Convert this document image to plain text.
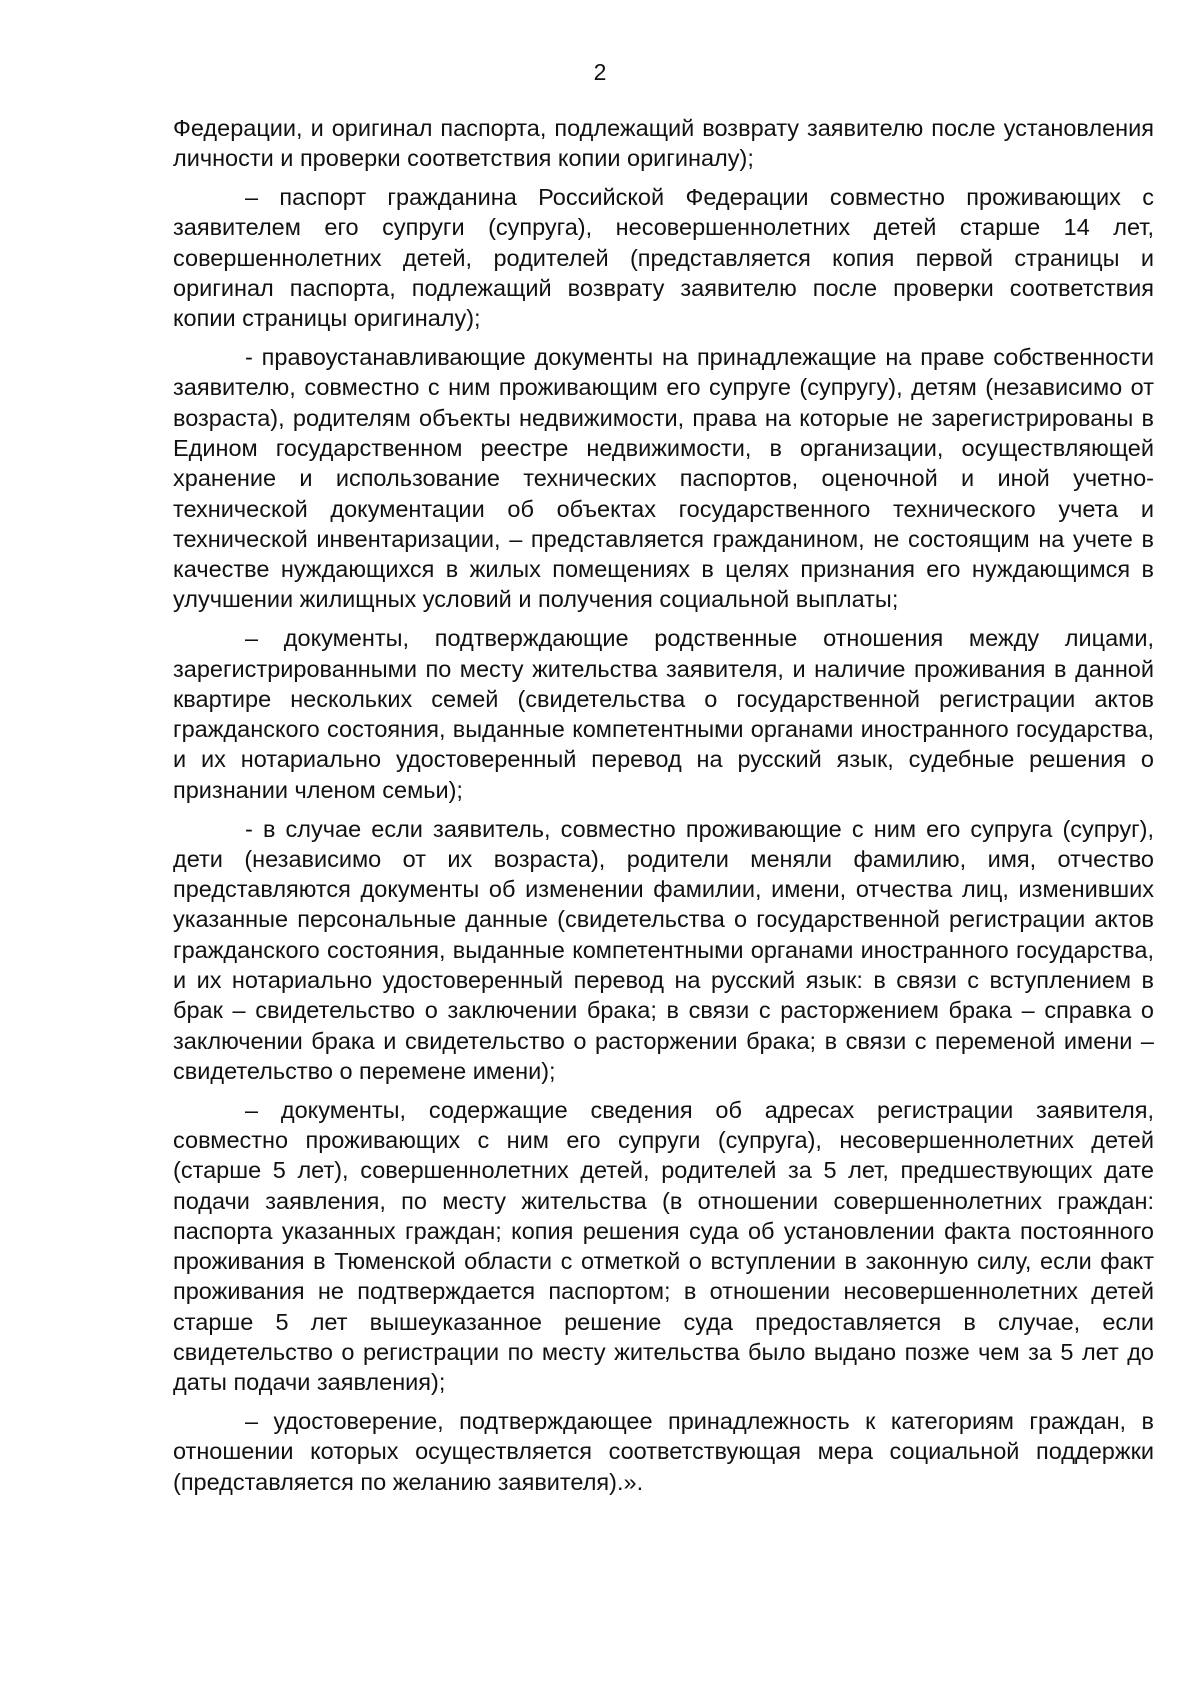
2

Федерации, и оригинал паспорта, подлежащий возврату заявителю после установления личности и проверки соответствия копии оригиналу);

– паспорт гражданина Российской Федерации совместно проживающих с заявителем его супруги (супруга), несовершеннолетних детей старше 14 лет, совершеннолетних детей, родителей (представляется копия первой страницы и оригинал паспорта, подлежащий возврату заявителю после проверки соответствия копии страницы оригиналу);

- правоустанавливающие документы на принадлежащие на праве собственности заявителю, совместно с ним проживающим его супруге (супругу), детям (независимо от возраста), родителям объекты недвижимости, права на которые не зарегистрированы в Едином государственном реестре недвижимости, в организации, осуществляющей хранение и использование технических паспортов, оценочной и иной учетно-технической документации об объектах государственного технического учета и технической инвентаризации, – представляется гражданином, не состоящим на учете в качестве нуждающихся в жилых помещениях в целях признания его нуждающимся в улучшении жилищных условий и получения социальной выплаты;

– документы, подтверждающие родственные отношения между лицами, зарегистрированными по месту жительства заявителя, и наличие проживания в данной квартире нескольких семей (свидетельства о государственной регистрации актов гражданского состояния, выданные компетентными органами иностранного государства, и их нотариально удостоверенный перевод на русский язык, судебные решения о признании членом семьи);

- в случае если заявитель, совместно проживающие с ним его супруга (супруг), дети (независимо от их возраста), родители меняли фамилию, имя, отчество представляются документы об изменении фамилии, имени, отчества лиц, изменивших указанные персональные данные (свидетельства о государственной регистрации актов гражданского состояния, выданные компетентными органами иностранного государства, и их нотариально удостоверенный перевод на русский язык: в связи с вступлением в брак – свидетельство о заключении брака; в связи с расторжением брака – справка о заключении брака и свидетельство о расторжении брака; в связи с переменой имени – свидетельство о перемене имени);

– документы, содержащие сведения об адресах регистрации заявителя, совместно проживающих с ним его супруги (супруга), несовершеннолетних детей (старше 5 лет), совершеннолетних детей, родителей за 5 лет, предшествующих дате подачи заявления, по месту жительства (в отношении совершеннолетних граждан: паспорта указанных граждан; копия решения суда об установлении факта постоянного проживания в Тюменской области с отметкой о вступлении в законную силу, если факт проживания не подтверждается паспортом; в отношении несовершеннолетних детей старше 5 лет вышеуказанное решение суда предоставляется в случае, если свидетельство о регистрации по месту жительства было выдано позже чем за 5 лет до даты подачи заявления);

– удостоверение, подтверждающее принадлежность к категориям граждан, в отношении которых осуществляется соответствующая мера социальной поддержки (представляется по желанию заявителя).».
